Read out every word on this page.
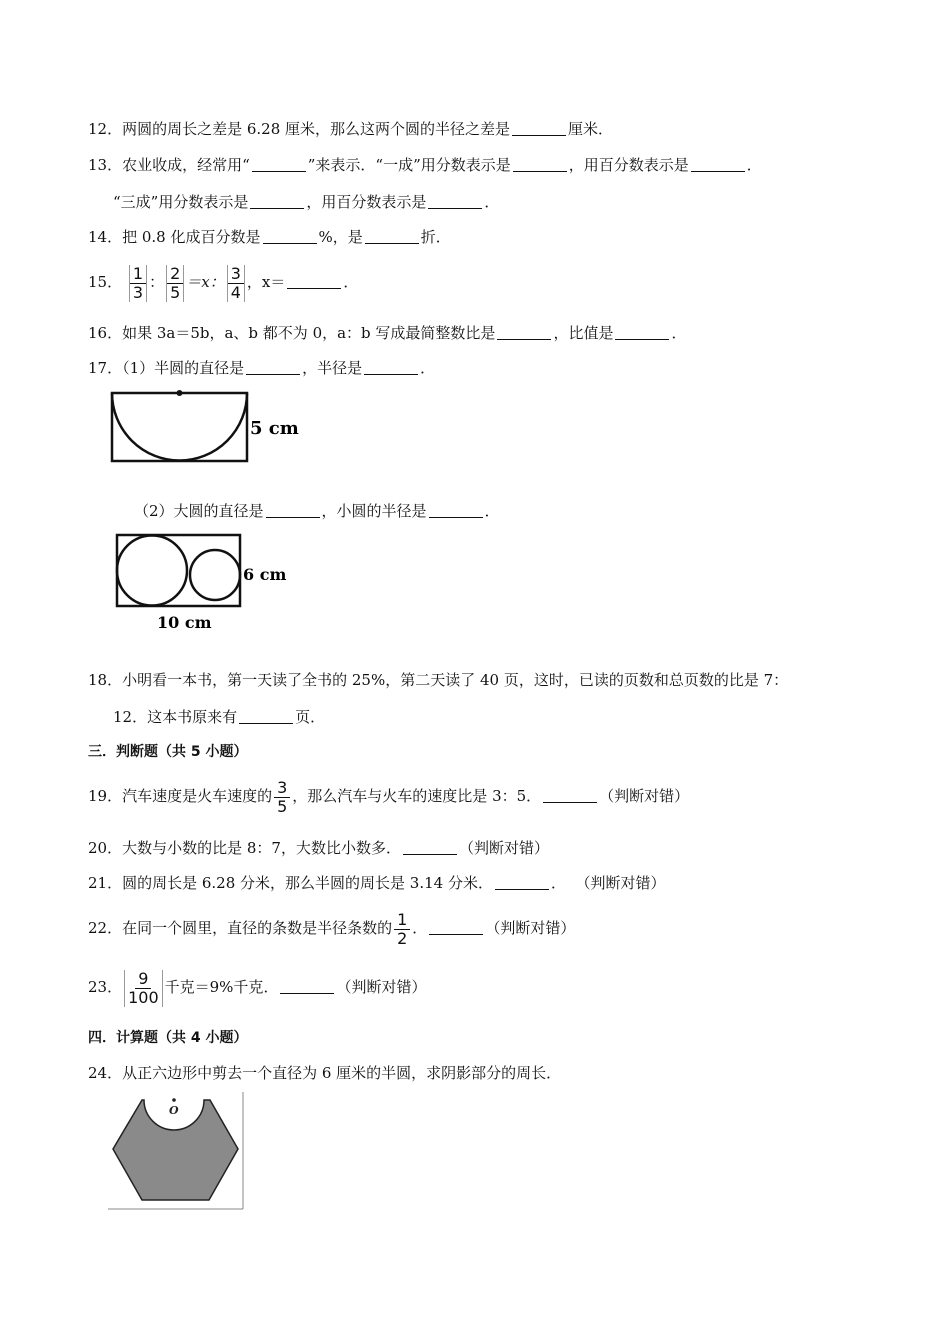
12．两圆的周长之差是 6.28 厘米，那么这两个圆的半径之差是	厘米．
13．农业收成，经常用“	”来表示．“一成”用分数表示是	，用百分数表示是	．
“三成”用分数表示是	，用百分数表示是	．
14．把 0.8 化成百分数是	%，是	折．
15． $\frac{1}{3}$ ： $\frac{2}{5} =x$： $\frac{3}{4}$ ，x＝	．
16．如果 3a＝5b，a、b 都不为 0，a：b 写成最简整数比是	，比值是	．
17．（1）半圆的直径是	，半径是	．
5 cm
（2）大圆的直径是	，小圆的半径是	．
6 cm
10 cm
18．小明看一本书，第一天读了全书的 25%，第二天读了 40 页，这时，已读的页数和总页数的比是 7：
12．这本书原来有	页．
三．判断题（共 5 小题）
19．汽车速度是火车速度的 $\frac{3}{5}$ ，那么汽车与火车的速度比是 3：5．	（判断对错）
20．大数与小数的比是 8：7，大数比小数多．	（判断对错）
21．圆的周长是 6.28 分米，那么半圆的周长是 3.14 分米．	． （判断对错）
22．在同一个圆里，直径的条数是半径条数的 $\frac{1}{2}$ ．	（判断对错）
23． $\frac{9}{100}$ 千克＝9%千克．	（判断对错）
四．计算题（共 4 小题）
24．从正六边形中剪去一个直径为 6 厘米的半圆，求阴影部分的周长．
O
